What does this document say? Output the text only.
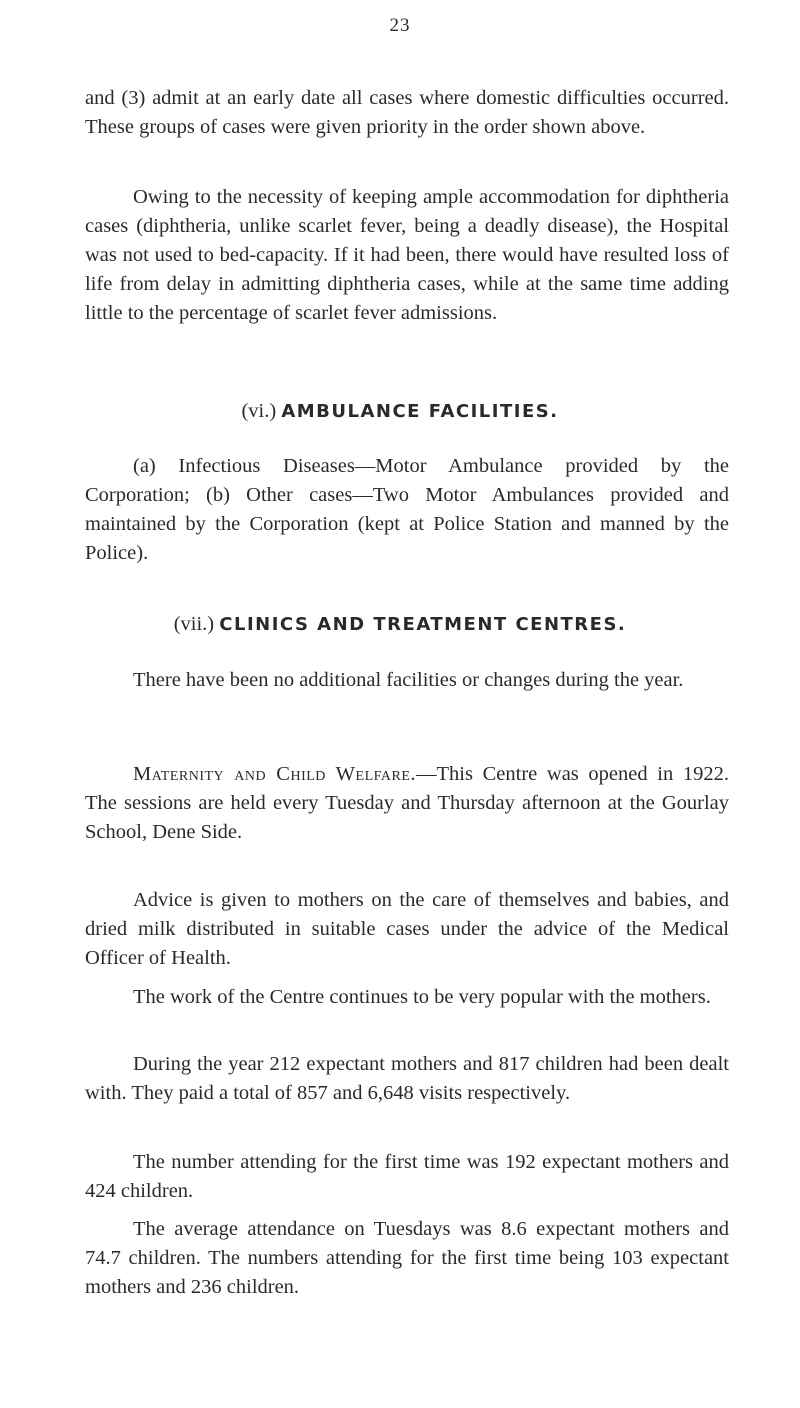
23

and (3) admit at an early date all cases where domestic difficulties occurred. These groups of cases were given priority in the order shown above.

Owing to the necessity of keeping ample accommodation for diphtheria cases (diphtheria, unlike scarlet fever, being a deadly disease), the Hospital was not used to bed-capacity. If it had been, there would have resulted loss of life from delay in admitting diphtheria cases, while at the same time adding little to the percentage of scarlet fever admissions.

(vi.) AMBULANCE FACILITIES.

(a) Infectious Diseases—Motor Ambulance provided by the Corporation; (b) Other cases—Two Motor Ambulances provided and maintained by the Corporation (kept at Police Station and manned by the Police).

(vii.) CLINICS AND TREATMENT CENTRES.

There have been no additional facilities or changes during the year.

Maternity and Child Welfare.—This Centre was opened in 1922. The sessions are held every Tuesday and Thursday afternoon at the Gourlay School, Dene Side.

Advice is given to mothers on the care of themselves and babies, and dried milk distributed in suitable cases under the advice of the Medical Officer of Health.

The work of the Centre continues to be very popular with the mothers.

During the year 212 expectant mothers and 817 children had been dealt with. They paid a total of 857 and 6,648 visits respectively.

The number attending for the first time was 192 expectant mothers and 424 children.

The average attendance on Tuesdays was 8.6 expectant mothers and 74.7 children. The numbers attending for the first time being 103 expectant mothers and 236 children.
